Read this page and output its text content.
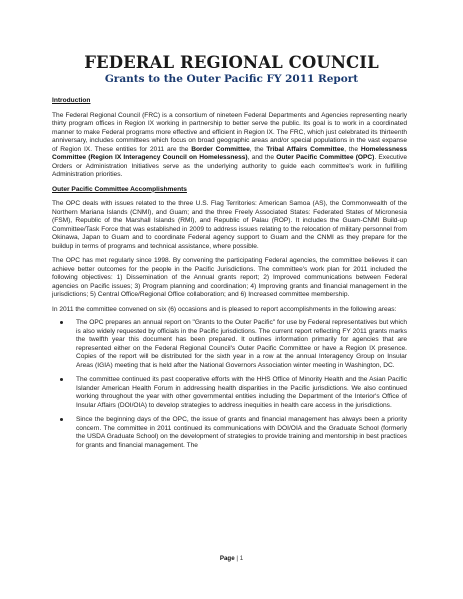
FEDERAL REGIONAL COUNCIL
Grants to the Outer Pacific FY 2011 Report

Introduction

The Federal Regional Council (FRC) is a consortium of nineteen Federal Departments and Agencies representing nearly thirty program offices in Region IX working in partnership to better serve the public. Its goal is to work in a coordinated manner to make Federal programs more effective and efficient in Region IX. The FRC, which just celebrated its thirteenth anniversary, includes committees which focus on broad geographic areas and/or special populations in the vast expanse of Region IX. These entities for 2011 are the Border Committee, the Tribal Affairs Committee, the Homelessness Committee (Region IX Interagency Council on Homelessness), and the Outer Pacific Committee (OPC). Executive Orders or Administration Initiatives serve as the underlying authority to guide each committee's work in fulfilling Administration priorities.

Outer Pacific Committee Accomplishments

The OPC deals with issues related to the three U.S. Flag Territories: American Samoa (AS), the Commonwealth of the Northern Mariana Islands (CNMI), and Guam; and the three Freely Associated States: Federated States of Micronesia (FSM), Republic of the Marshall Islands (RMI), and Republic of Palau (ROP). It includes the Guam-CNMI Build-up Committee/Task Force that was established in 2009 to address issues relating to the relocation of military personnel from Okinawa, Japan to Guam and to coordinate Federal agency support to Guam and the CNMI as they prepare for the buildup in terms of programs and technical assistance, where possible.

The OPC has met regularly since 1998. By convening the participating Federal agencies, the committee believes it can achieve better outcomes for the people in the Pacific Jurisdictions. The committee's work plan for 2011 included the following objectives: 1) Dissemination of the Annual grants report; 2) Improved communications between Federal agencies on Pacific issues; 3) Program planning and coordination; 4) Improving grants and financial management in the jurisdictions; 5) Central Office/Regional Office collaboration; and 6) Increased committee membership.

In 2011 the committee convened on six (6) occasions and is pleased to report accomplishments in the following areas:

The OPC prepares an annual report on "Grants to the Outer Pacific" for use by Federal representatives but which is also widely requested by officials in the Pacific jurisdictions. The current report reflecting FY 2011 grants marks the twelfth year this document has been prepared. It outlines information primarily for agencies that are represented either on the Federal Regional Council's Outer Pacific Committee or have a Region IX presence. Copies of the report will be distributed for the sixth year in a row at the annual Interagency Group on Insular Areas (IGIA) meeting that is held after the National Governors Association winter meeting in Washington, DC.
The committee continued its past cooperative efforts with the HHS Office of Minority Health and the Asian Pacific Islander American Health Forum in addressing health disparities in the Pacific jurisdictions. We also continued working throughout the year with other governmental entities including the Department of the Interior's Office of Insular Affairs (DOI/OIA) to develop strategies to address inequities in health care access in the jurisdictions.
Since the beginning days of the OPC, the issue of grants and financial management has always been a priority concern. The committee in 2011 continued its communications with DOI/OIA and the Graduate School (formerly the USDA Graduate School) on the development of strategies to provide training and mentorship in best practices for grants and financial management. The
Page | 1
